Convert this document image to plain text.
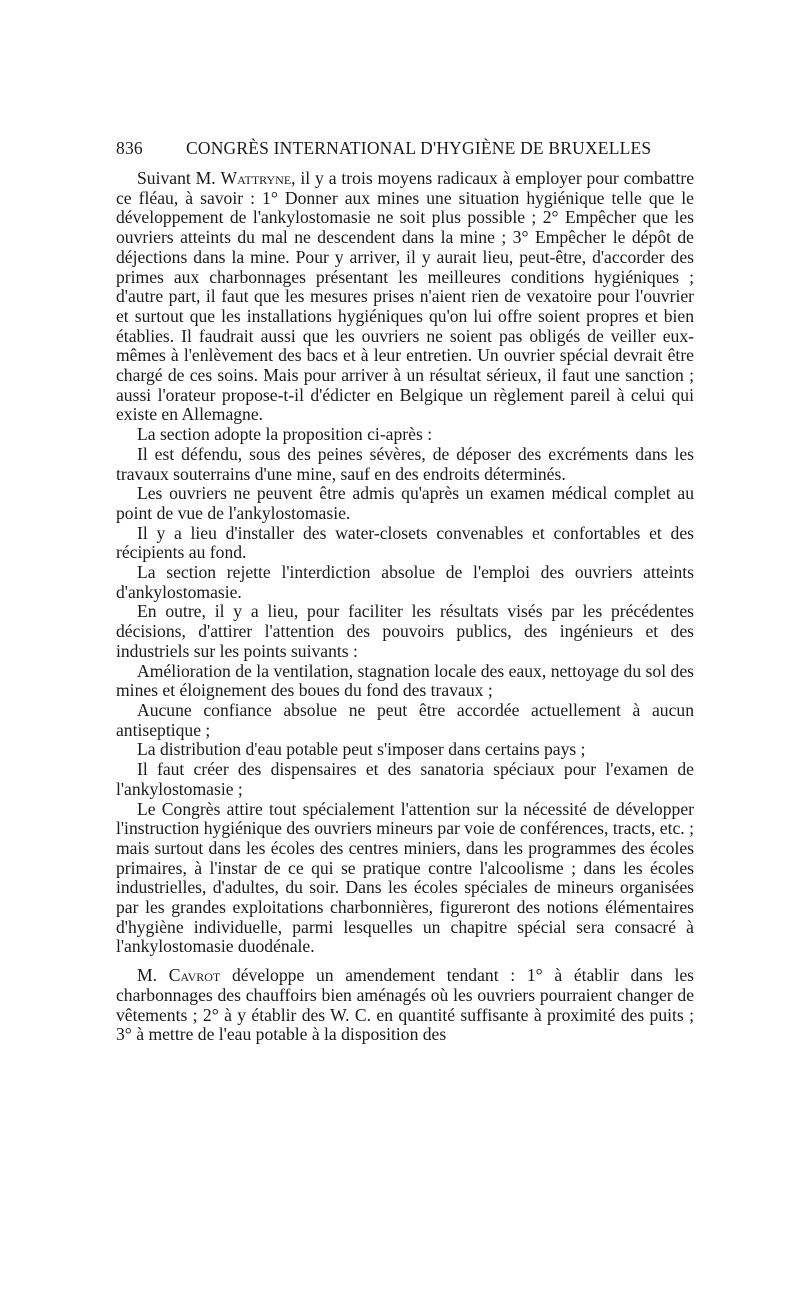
836	CONGRÈS INTERNATIONAL D'HYGIÈNE DE BRUXELLES

Suivant M. Wattryne, il y a trois moyens radicaux à employer pour combattre ce fléau, à savoir : 1° Donner aux mines une situation hygiénique telle que le développement de l'ankylostomasie ne soit plus possible ; 2° Empêcher que les ouvriers atteints du mal ne descendent dans la mine ; 3° Empêcher le dépôt de déjections dans la mine. Pour y arriver, il y aurait lieu, peut-être, d'accorder des primes aux charbonnages présentant les meilleures conditions hygiéniques ; d'autre part, il faut que les mesures prises n'aient rien de vexatoire pour l'ouvrier et surtout que les installations hygiéniques qu'on lui offre soient propres et bien établies. Il faudrait aussi que les ouvriers ne soient pas obligés de veiller eux-mêmes à l'enlèvement des bacs et à leur entretien. Un ouvrier spécial devrait être chargé de ces soins. Mais pour arriver à un résultat sérieux, il faut une sanction ; aussi l'orateur propose-t-il d'édicter en Belgique un règlement pareil à celui qui existe en Allemagne.

La section adopte la proposition ci-après :

Il est défendu, sous des peines sévères, de déposer des excréments dans les travaux souterrains d'une mine, sauf en des endroits déterminés.

Les ouvriers ne peuvent être admis qu'après un examen médical complet au point de vue de l'ankylostomasie.

Il y a lieu d'installer des water-closets convenables et confortables et des récipients au fond.

La section rejette l'interdiction absolue de l'emploi des ouvriers atteints d'ankylostomasie.

En outre, il y a lieu, pour faciliter les résultats visés par les précédentes décisions, d'attirer l'attention des pouvoirs publics, des ingénieurs et des industriels sur les points suivants :

Amélioration de la ventilation, stagnation locale des eaux, nettoyage du sol des mines et éloignement des boues du fond des travaux ;

Aucune confiance absolue ne peut être accordée actuellement à aucun antiseptique ;

La distribution d'eau potable peut s'imposer dans certains pays ;

Il faut créer des dispensaires et des sanatoria spéciaux pour l'examen de l'ankylostomasie ;

Le Congrès attire tout spécialement l'attention sur la nécessité de développer l'instruction hygiénique des ouvriers mineurs par voie de conférences, tracts, etc. ; mais surtout dans les écoles des centres miniers, dans les programmes des écoles primaires, à l'instar de ce qui se pratique contre l'alcoolisme ; dans les écoles industrielles, d'adultes, du soir. Dans les écoles spéciales de mineurs organisées par les grandes exploitations charbonnières, figureront des notions élémentaires d'hygiène individuelle, parmi lesquelles un chapitre spécial sera consacré à l'ankylostomasie duodénale.

M. Cavrot développe un amendement tendant : 1° à établir dans les charbonnages des chauffoirs bien aménagés où les ouvriers pourraient changer de vêtements ; 2° à y établir des W. C. en quantité suffisante à proximité des puits ; 3° à mettre de l'eau potable à la disposition des
